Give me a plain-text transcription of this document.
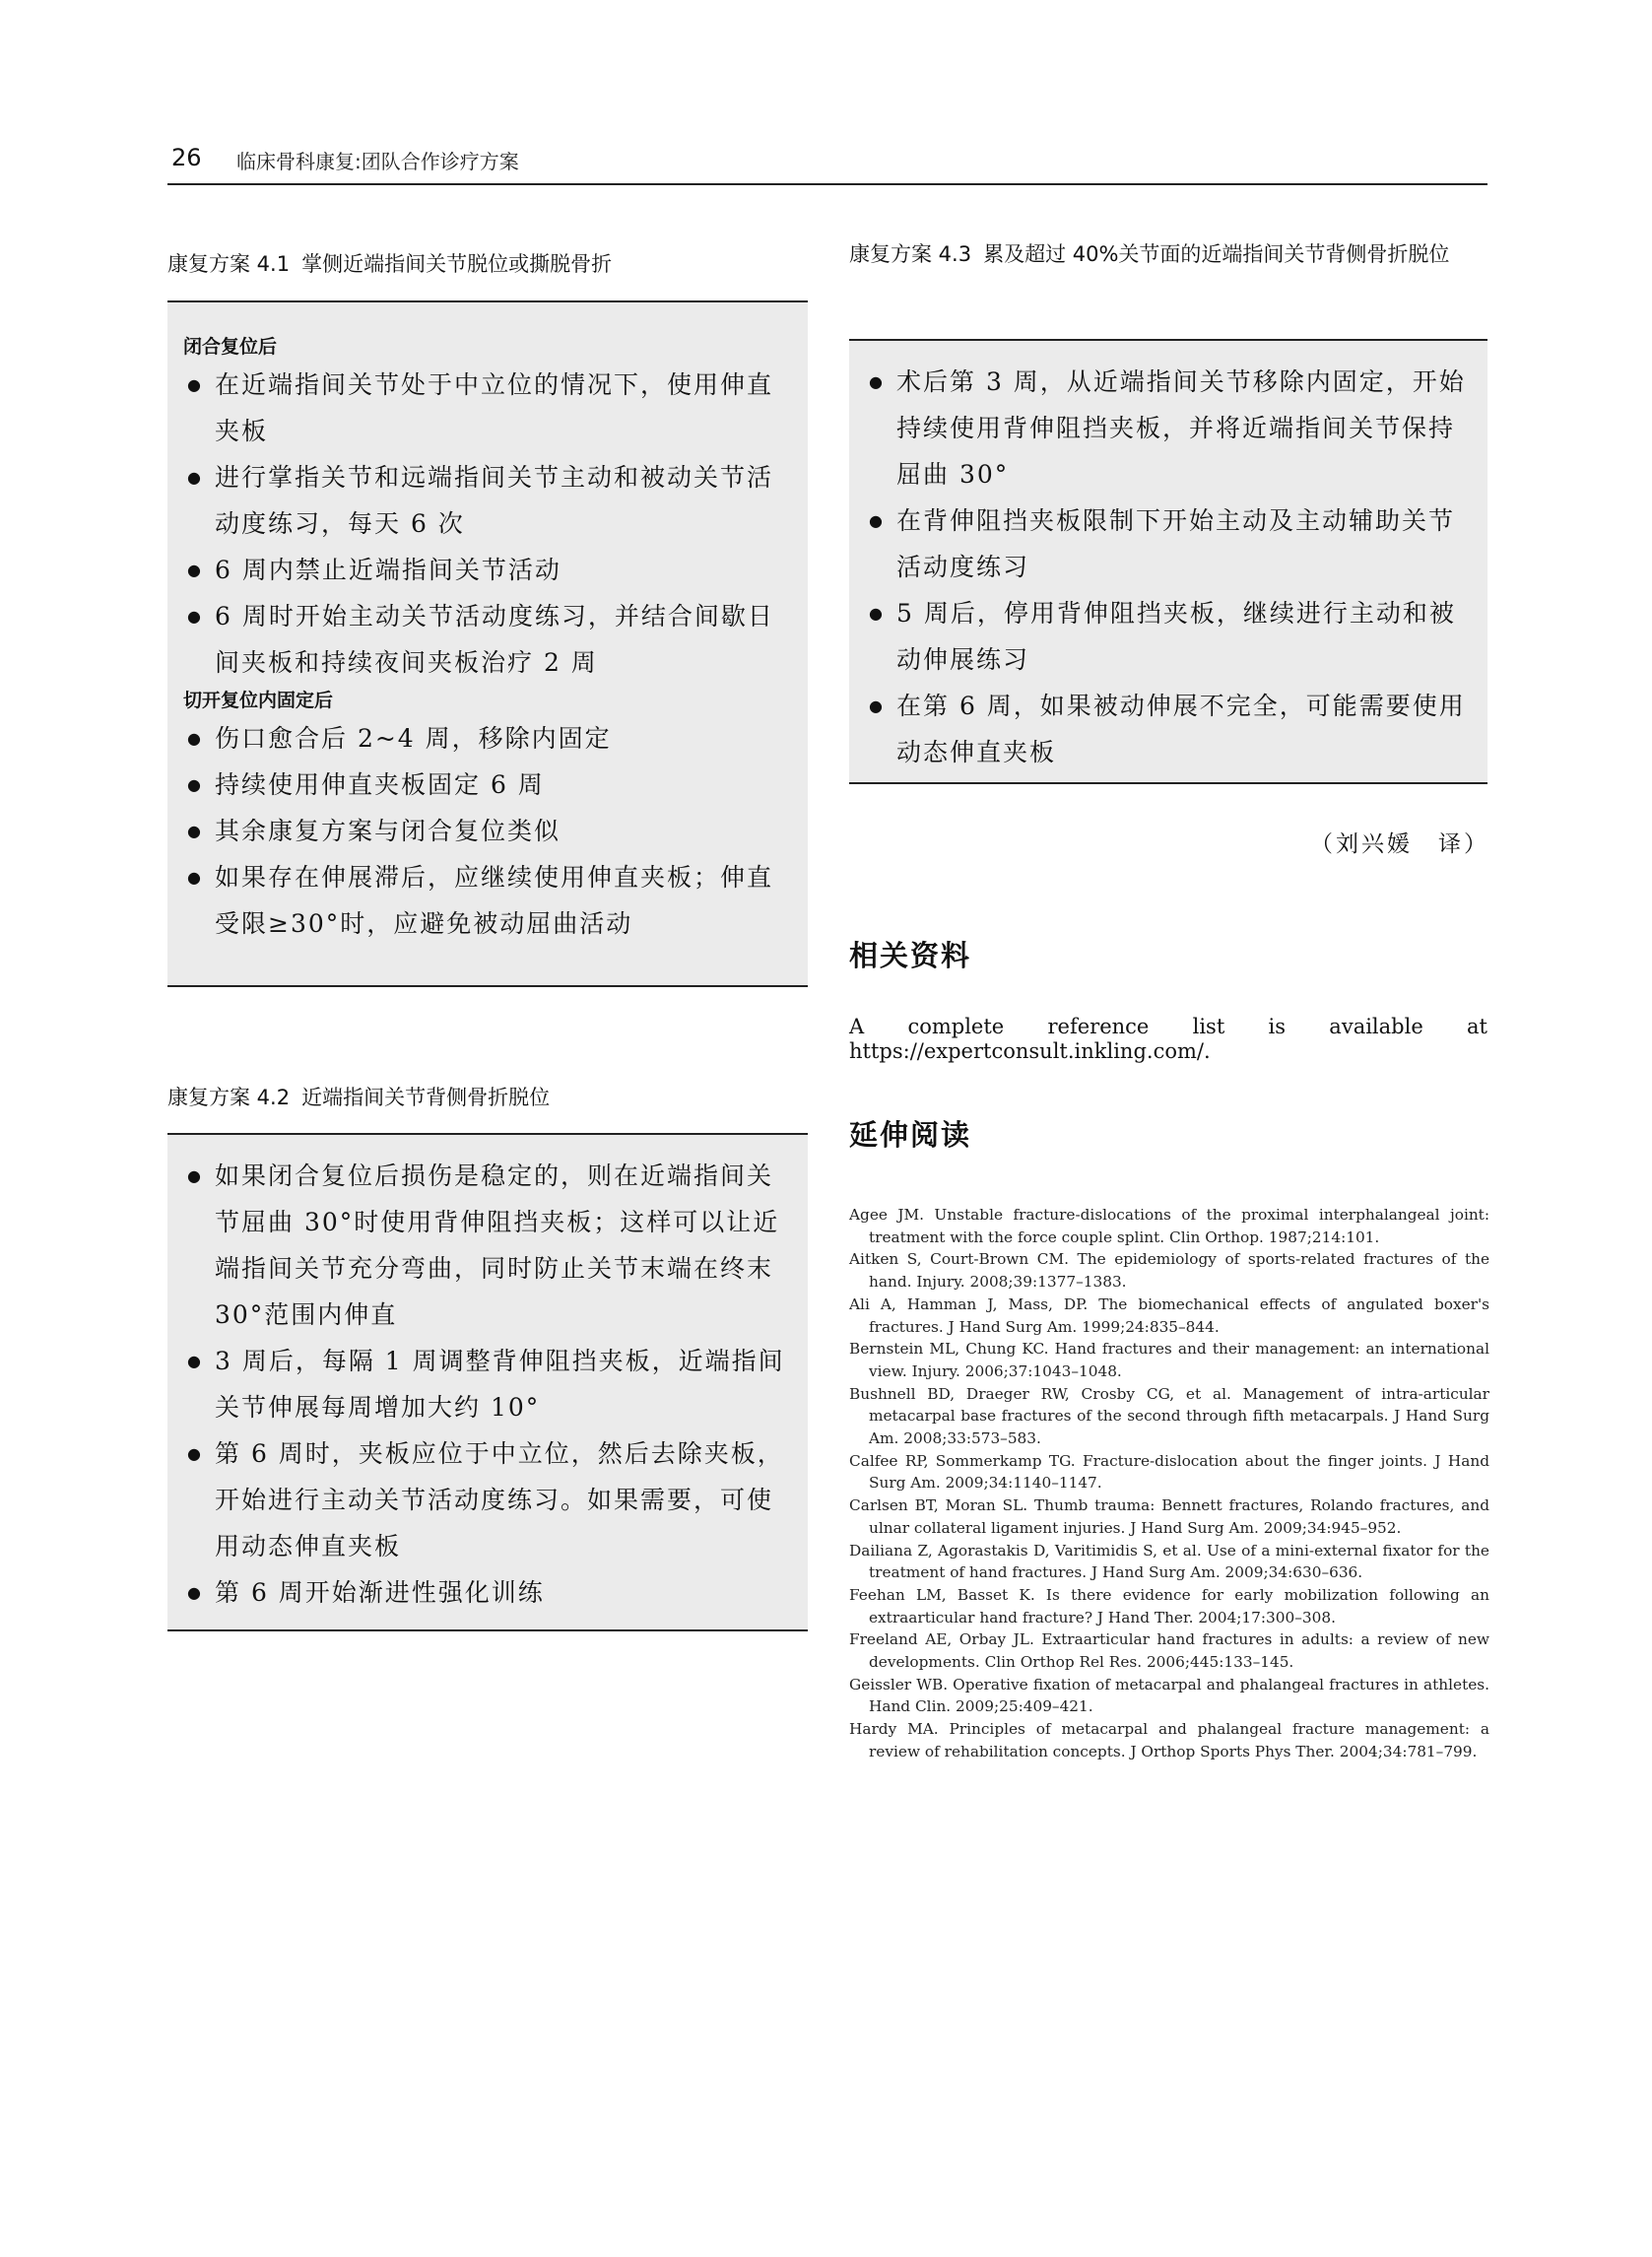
26 临床骨科康复:团队合作诊疗方案
康复方案 4.1 掌侧近端指间关节脱位或撕脱骨折
闭合复位后
● 在近端指间关节处于中立位的情况下，使用伸直夹板
● 进行掌指关节和远端指间关节主动和被动关节活动度练习，每天 6 次
● 6 周内禁止近端指间关节活动
● 6 周时开始主动关节活动度练习，并结合间歇日间夹板和持续夜间夹板治疗 2 周
切开复位内固定后
● 伤口愈合后 2~4 周，移除内固定
● 持续使用伸直夹板固定 6 周
● 其余康复方案与闭合复位类似
● 如果存在伸展滞后，应继续使用伸直夹板；伸直受限≥30°时，应避免被动屈曲活动
康复方案 4.2 近端指间关节背侧骨折脱位
● 如果闭合复位后损伤是稳定的，则在近端指间关节屈曲 30°时使用背伸阻挡夹板；这样可以让近端指间关节充分弯曲，同时防止关节末端在终末 30°范围内伸直
● 3 周后，每隔 1 周调整背伸阻挡夹板，近端指间关节伸展每周增加大约 10°
● 第 6 周时，夹板应位于中立位，然后去除夹板，开始进行主动关节活动度练习。如果需要，可使用动态伸直夹板
● 第 6 周开始渐进性强化训练
康复方案 4.3 累及超过 40%关节面的近端指间关节背侧骨折脱位
● 术后第 3 周，从近端指间关节移除内固定，开始持续使用背伸阻挡夹板，并将近端指间关节保持屈曲 30°
● 在背伸阻挡夹板限制下开始主动及主动辅助关节活动度练习
● 5 周后，停用背伸阻挡夹板，继续进行主动和被动伸展练习
● 在第 6 周，如果被动伸展不完全，可能需要使用动态伸直夹板
（刘兴媛　译）
相关资料
A complete reference list is available at https://expertconsult.inkling.com/.
延伸阅读
Agee JM. Unstable fracture-dislocations of the proximal interphalangeal joint: treatment with the force couple splint. Clin Orthop. 1987;214:101.
Aitken S, Court-Brown CM. The epidemiology of sports-related fractures of the hand. Injury. 2008;39:1377–1383.
Ali A, Hamman J, Mass, DP. The biomechanical effects of angulated boxer's fractures. J Hand Surg Am. 1999;24:835–844.
Bernstein ML, Chung KC. Hand fractures and their management: an international view. Injury. 2006;37:1043–1048.
Bushnell BD, Draeger RW, Crosby CG, et al. Management of intra-articular metacarpal base fractures of the second through fifth metacarpals. J Hand Surg Am. 2008;33:573–583.
Calfee RP, Sommerkamp TG. Fracture-dislocation about the finger joints. J Hand Surg Am. 2009;34:1140–1147.
Carlsen BT, Moran SL. Thumb trauma: Bennett fractures, Rolando fractures, and ulnar collateral ligament injuries. J Hand Surg Am. 2009;34:945–952.
Dailiana Z, Agorastakis D, Varitimidis S, et al. Use of a mini-external fixator for the treatment of hand fractures. J Hand Surg Am. 2009;34:630–636.
Feehan LM, Basset K. Is there evidence for early mobilization following an extraarticular hand fracture? J Hand Ther. 2004;17:300–308.
Freeland AE, Orbay JL. Extraarticular hand fractures in adults: a review of new developments. Clin Orthop Rel Res. 2006;445:133–145.
Geissler WB. Operative fixation of metacarpal and phalangeal fractures in athletes. Hand Clin. 2009;25:409–421.
Hardy MA. Principles of metacarpal and phalangeal fracture management: a review of rehabilitation concepts. J Orthop Sports Phys Ther. 2004;34:781–799.
